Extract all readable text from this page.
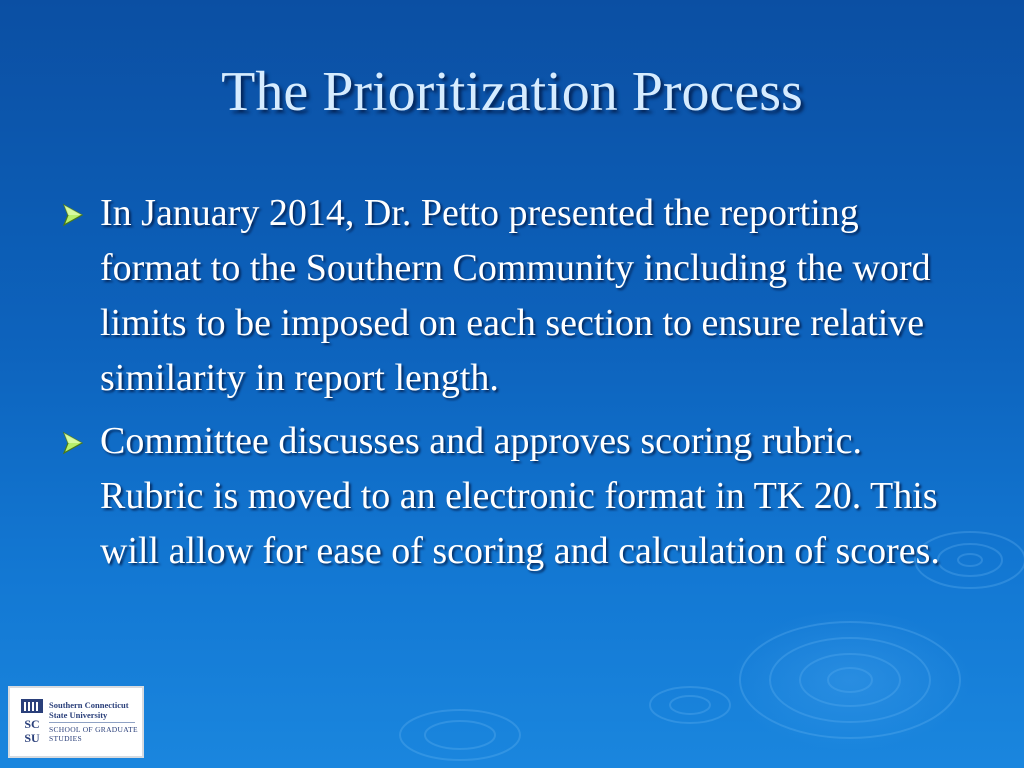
The Prioritization Process
In January 2014, Dr. Petto presented the reporting format to the Southern Community including the word limits to be imposed on each section to ensure relative similarity in report length.
Committee discusses and approves scoring rubric. Rubric is moved to an electronic format in TK 20. This will allow for ease of scoring and calculation of scores.
SC
SU
Southern Connecticut State University
SCHOOL OF GRADUATE STUDIES
